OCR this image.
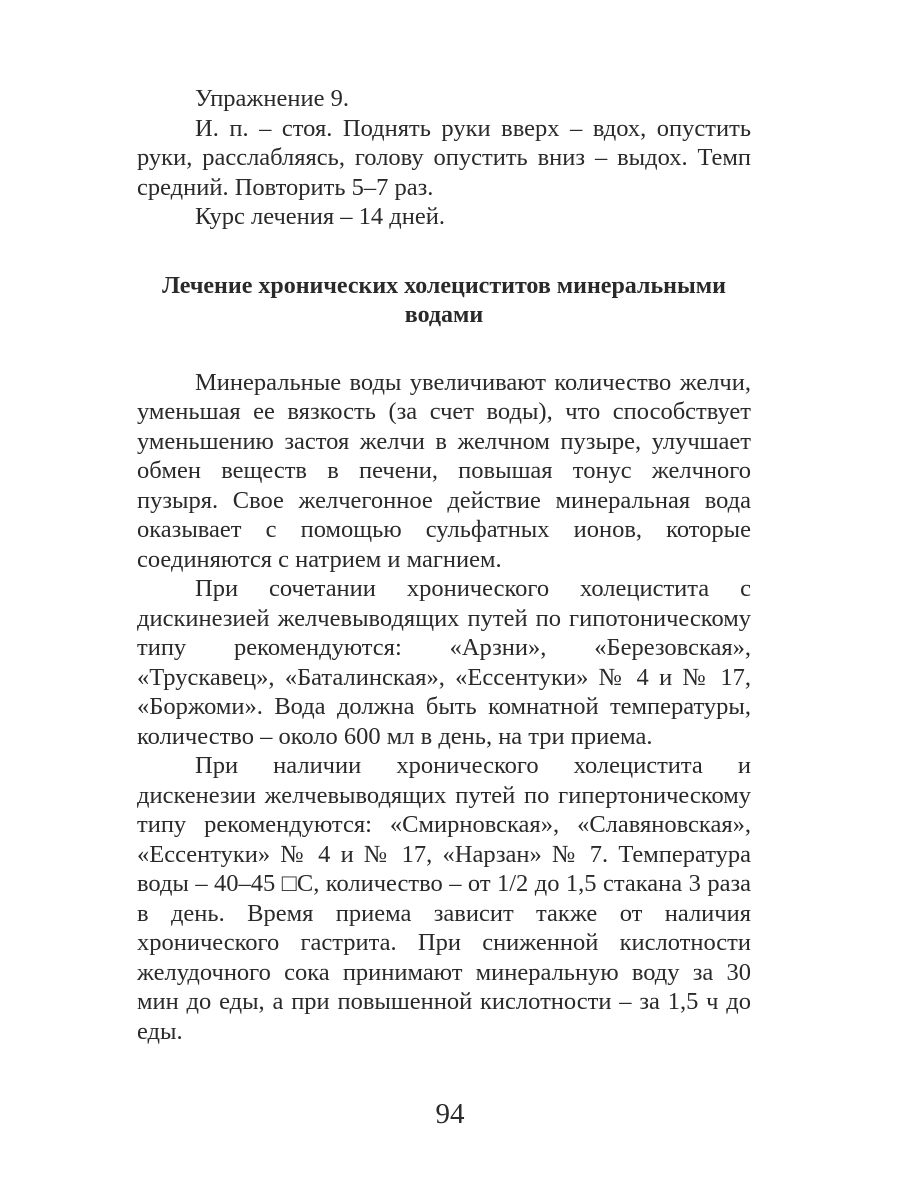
Упражнение 9.

И. п. – стоя. Поднять руки вверх – вдох, опустить руки, расслабляясь, голову опустить вниз – выдох. Темп средний. Повторить 5–7 раз.

Курс лечения – 14 дней.

Лечение хронических холециститов минеральными
водами

Минеральные воды увеличивают количество желчи, уменьшая ее вязкость (за счет воды), что способствует уменьшению застоя желчи в желчном пузыре, улучшает обмен веществ в печени, повышая тонус желчного пузыря. Свое желчегонное действие минеральная вода оказывает с помощью сульфатных ионов, которые соединяются с натрием и магнием.

При сочетании хронического холецистита с дискинезией желчевыводящих путей по гипотоническому типу рекомендуются: «Арзни», «Березовская», «Трускавец», «Баталинская», «Ессентуки» № 4 и № 17, «Боржоми». Вода должна быть комнатной температуры, количество – около 600 мл в день, на три приема.

При наличии хронического холецистита и дискенезии желчевыводящих путей по гипертоническому типу рекомендуются: «Смирновская», «Славяновская», «Ессентуки» № 4 и № 17, «Нарзан» № 7. Температура воды – 40–45 □С, количество – от 1/2 до 1,5 стакана 3 раза в день. Время приема зависит также от наличия хронического гастрита. При сниженной кислотности желудочного сока принимают минеральную воду за 30 мин до еды, а при повышенной кислотности – за 1,5 ч до еды.

94
